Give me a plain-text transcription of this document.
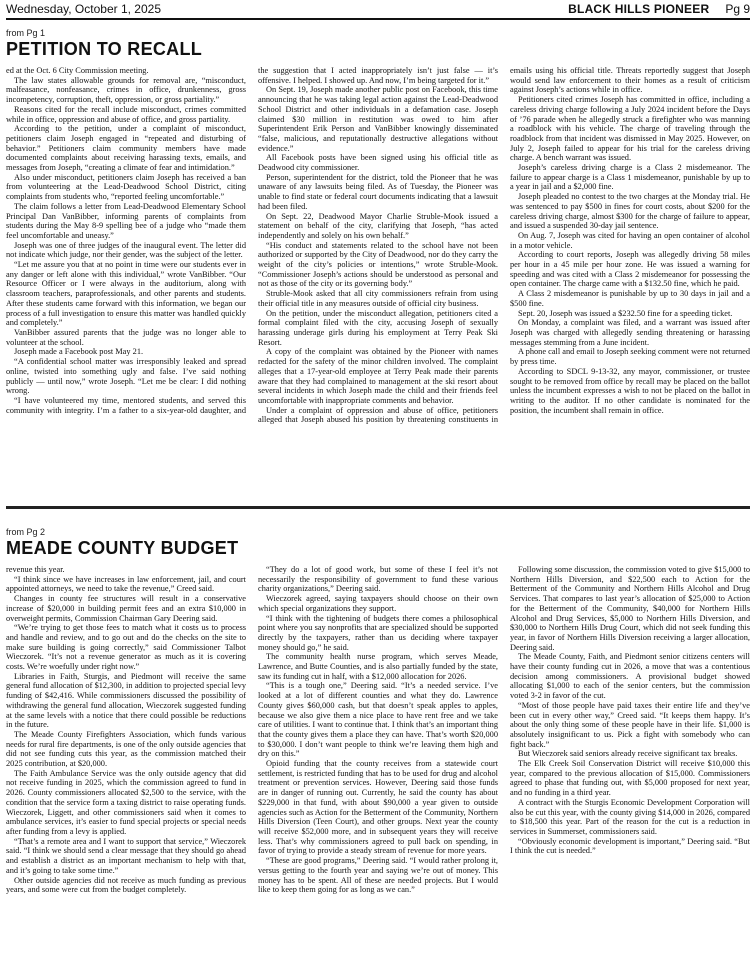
Wednesday, October 1, 2025	BLACK HILLS PIONEER Pg 9
from Pg 1
PETITION TO RECALL

ed at the Oct. 6 City Commission meeting.

The law states allowable grounds for removal are, “misconduct, malfeasance, nonfeasance, crimes in office, drunkenness, gross incompetency, corruption, theft, oppression, or gross partiality.”

Reasons cited for the recall include misconduct, crimes committed while in office, oppression and abuse of office, and gross partiality.

According to the petition, under a complaint of misconduct, petitioners claim Joseph engaged in “repeated and disturbing of behavior.” Petitioners claim community members have made documented complaints about receiving harassing texts, emails, and messages from Joseph, “creating a climate of fear and intimidation.”

Also under misconduct, petitioners claim Joseph has received a ban from volunteering at the Lead-Deadwood School District, citing complaints from students who, “reported feeling uncomfortable.”

The claim follows a letter from Lead-Deadwood Elementary School Principal Dan VanBibber, informing parents of complaints from students during the May 8-9 spelling bee of a judge who “made them feel uncomfortable and uneasy.”

Joseph was one of three judges of the inaugural event. The letter did not indicate which judge, nor their gender, was the subject of the letter.

“Let me assure you that at no point in time were our students ever in any danger or left alone with this individual,” wrote VanBibber. “Our Resource Officer or I were always in the auditorium, along with classroom teachers, paraprofessionals, and other parents and students. After these students came forward with this information, we began our process of a full investigation to ensure this matter was handled quickly and completely.”

VanBibber assured parents that the judge was no longer able to volunteer at the school.

Joseph made a Facebook post May 21.

“A confidential school matter was irresponsibly leaked and spread online, twisted into something ugly and false. I’ve said nothing publicly — until now,” wrote Joseph. “Let me be clear: I did nothing wrong.

“I have volunteered my time, mentored students, and served this community with integrity. I’m a father to a six-year-old daughter, and the suggestion that I acted inappropriately isn’t just false — it’s offensive. I helped. I showed up. And now, I’m being targeted for it.”

On Sept. 19, Joseph made another public post on Facebook, this time announcing that he was taking legal action against the Lead-Deadwood School District and other individuals in a defamation case. Joseph claimed $30 million in restitution was owed to him after Superintendent Erik Person and VanBibber knowingly disseminated “false, malicious, and reputationally destructive allegations without evidence.”

All Facebook posts have been signed using his official title as Deadwood city commissioner.

Person, superintendent for the district, told the Pioneer that he was unaware of any lawsuits being filed. As of Tuesday, the Pioneer was unable to find state or federal court documents indicating that a lawsuit had been filed.

On Sept. 22, Deadwood Mayor Charlie Struble-Mook issued a statement on behalf of the city, clarifying that Joseph, “has acted independently and solely on his own behalf.”

“His conduct and statements related to the school have not been authorized or supported by the City of Deadwood, nor do they carry the weight of the city’s policies or intentions,” wrote Struble-Mook. “Commissioner Joseph’s actions should be understood as personal and not as those of the city or its governing body.”

Struble-Mook asked that all city commissioners refrain from using their official title in any measures outside of official city business.

On the petition, under the misconduct allegation, petitioners cited a formal complaint filed with the city, accusing Joseph of sexually harassing underage girls during his employment at Terry Peak Ski Resort.

A copy of the complaint was obtained by the Pioneer with names redacted for the safety of the minor children involved. The complaint alleges that a 17-year-old employee at Terry Peak made their parents aware that they had complained to management at the ski resort about several incidents in which Joseph made the child and their friends feel uncomfortable with inappropriate comments and behavior.

Under a complaint of oppression and abuse of office, petitioners alleged that Joseph abused his position by threatening constituents in emails using his official title. Threats reportedly suggest that Joseph would send law enforcement to their homes as a result of criticism against Joseph’s actions while in office.

Petitioners cited crimes Joseph has committed in office, including a careless driving charge following a July 2024 incident before the Days of ’76 parade when he allegedly struck a firefighter who was manning a roadblock with his vehicle. The charge of traveling through the roadblock from that incident was dismissed in May 2025. However, on July 2, Joseph failed to appear for his trial for the careless driving charge. A bench warrant was issued.

Joseph’s careless driving charge is a Class 2 misdemeanor. The failure to appear charge is a Class 1 misdemeanor, punishable by up to a year in jail and a $2,000 fine.

Joseph pleaded no contest to the two charges at the Monday trial. He was sentenced to pay $500 in fines for court costs, about $200 for the careless driving charge, almost $300 for the charge of failure to appear, and issued a suspended 30-day jail sentence.

On Aug. 7, Joseph was cited for having an open container of alcohol in a motor vehicle.

According to court reports, Joseph was allegedly driving 58 miles per hour in a 45 mile per hour zone. He was issued a warning for speeding and was cited with a Class 2 misdemeanor for possessing the open container. The charge came with a $132.50 fine, which he paid.

A Class 2 misdemeanor is punishable by up to 30 days in jail and a $500 fine.

Sept. 20, Joseph was issued a $232.50 fine for a speeding ticket.

On Monday, a complaint was filed, and a warrant was issued after Joseph was charged with allegedly sending threatening or harassing messages stemming from a June incident.

A phone call and email to Joseph seeking comment were not returned by press time.

According to SDCL 9-13-32, any mayor, commissioner, or trustee sought to be removed from office by recall may be placed on the ballot unless the incumbent expresses a wish to not be placed on the ballot in writing to the auditor. If no other candidate is nominated for the position, the incumbent shall remain in office.

from Pg 2
MEADE COUNTY BUDGET

revenue this year.

“I think since we have increases in law enforcement, jail, and court appointed attorneys, we need to take the revenue,” Creed said.

Changes in county fee structures will result in a conservative increase of $20,000 in building permit fees and an extra $10,000 in overweight permits, Commission Chairman Gary Deering said.

“We’re trying to get those fees to match what it costs us to process and handle and review, and to go out and do the checks on the site to make sure building is going correctly,” said Commissioner Talbot Wieczorek. “It’s not a revenue generator as much as it is covering costs. We’re woefully under right now.”

Libraries in Faith, Sturgis, and Piedmont will receive the same general fund allocation of $12,300, in addition to projected special levy funding of $42,416. While commissioners discussed the possibility of withdrawing the general fund allocation, Wieczorek suggested funding at the same levels with a notice that there could possible be reductions in the future.

The Meade County Firefighters Association, which funds various needs for rural fire departments, is one of the only outside agencies that did not see funding cuts this year, as the commission matched their 2025 contribution, at $20,000.

The Faith Ambulance Service was the only outside agency that did not receive funding in 2025, which the commission agreed to fund in 2026. County commissioners allocated $2,500 to the service, with the condition that the service form a taxing district to raise operating funds. Wieczorek, Liggett, and other commissioners said when it comes to ambulance services, it’s easier to fund special projects or special needs after funding from a levy is applied.

“That’s a remote area and I want to support that service,” Wieczorek said. “I think we should send a clear message that they should go ahead and establish a district as an important mechanism to help with that, and it’s going to take some time.”

Other outside agencies did not receive as much funding as previous years, and some were cut from the budget completely.

“They do a lot of good work, but some of these I feel it’s not necessarily the responsibility of government to fund these various charity organizations,” Deering said.

Wieczorek agreed, saying taxpayers should choose on their own which special organizations they support.

“I think with the tightening of budgets there comes a philosophical point where you say nonprofits that are specialized should be supported directly by the taxpayers, rather than us deciding where taxpayer money should go,” he said.

The community health nurse program, which serves Meade, Lawrence, and Butte Counties, and is also partially funded by the state, saw its funding cut in half, with a $12,000 allocation for 2026.

“This is a tough one,” Deering said. “It’s a needed service. I’ve looked at a lot of different counties and what they do. Lawrence County gives $60,000 cash, but that doesn’t speak apples to apples, because we also give them a nice place to have rent free and we take care of utilities. I want to continue that. I think that’s an important thing that the county gives them a place they can have. That’s worth $20,000 to $30,000. I don’t want people to think we’re leaving them high and dry on this.”

Opioid funding that the county receives from a statewide court settlement, is restricted funding that has to be used for drug and alcohol treatment or prevention services. However, Deering said those funds are in danger of running out. Currently, he said the county has about $229,000 in that fund, with about $90,000 a year given to outside agencies such as Action for the Betterment of the Community, Northern Hills Diversion (Teen Court), and other groups. Next year the county will receive $52,000 more, and in subsequent years they will receive less. That’s why commissioners agreed to pull back on spending, in favor of trying to provide a steady stream of revenue for more years.

“These are good programs,” Deering said. “I would rather prolong it, versus getting to the fourth year and saying we’re out of money. This money has to be spent. All of these are needed projects. But I would like to keep them going for as long as we can.”

Following some discussion, the commission voted to give $15,000 to Northern Hills Diversion, and $22,500 each to Action for the Betterment of the Community and Northern Hills Alcohol and Drug Services. That compares to last year’s allocation of $25,000 to Action for the Betterment of the Community, $40,000 for Northern Hills Alcohol and Drug Services, $5,000 to Northern Hills Diversion, and $30,000 to Northern Hills Drug Court, which did not seek funding this year, in favor of Northern Hills Diversion receiving a larger allocation, Deering said.

The Meade County, Faith, and Piedmont senior citizens centers will have their county funding cut in 2026, a move that was a contentious decision among commissioners. A provisional budget showed allocating $1,000 to each of the senior centers, but the commission voted 3-2 in favor of the cut.

“Most of those people have paid taxes their entire life and they’ve been cut in every other way,” Creed said. “It keeps them happy. It’s about the only thing some of these people have in their life. $1,000 is absolutely insignificant to us. Pick a fight with somebody who can fight back.”

But Wieczorek said seniors already receive significant tax breaks.

The Elk Creek Soil Conservation District will receive $10,000 this year, compared to the previous allocation of $15,000. Commissioners agreed to phase that funding out, with $5,000 proposed for next year, and no funding in a third year.

A contract with the Sturgis Economic Development Corporation will also be cut this year, with the county giving $14,000 in 2026, compared to $18,500 this year. Part of the reason for the cut is a reduction in services in Summerset, commissioners said.

“Obviously economic development is important,” Deering said. “But I think the cut is needed.”
